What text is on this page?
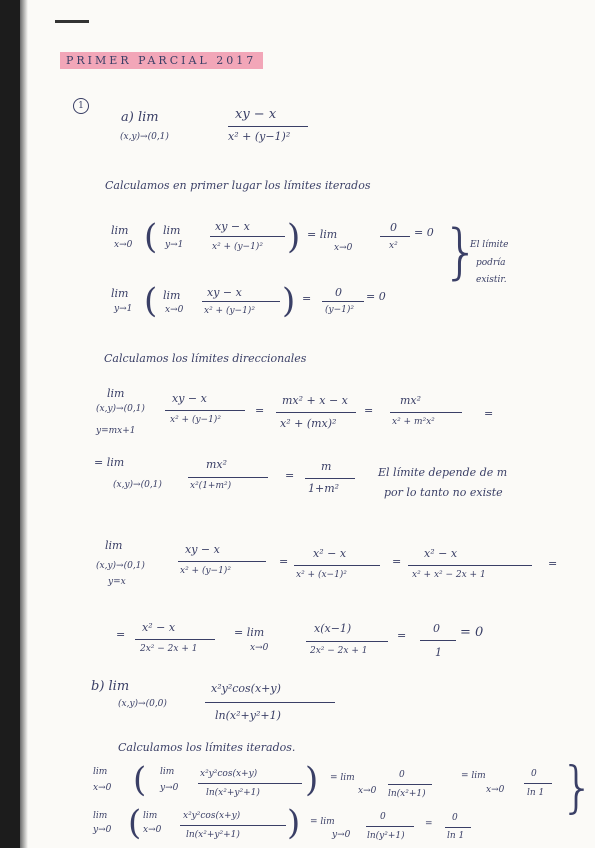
PRIMER PARCIAL 2017
1
a) lim
(x,y)→(0,1)
xy − x
x² + (y−1)²
Calculamos en primer lugar los límites iterados
lim
x→0 ( lim
y→1
xy − x
x² + (y−1)² ) = lim
x→0
0
x²
= 0
lim
y→1 ( lim
x→0
xy − x
x² + (y−1)² ) = 0
(y−1)²
= 0
}
El límite
podría
existir.
Calculamos los límites direccionales
lim
(x,y)→(0,1)
y=mx+1
xy − x
x² + (y−1)²
=
mx² + x − x
x² + (mx)²
=
mx²
x² + m²x²
=
= lim
(x,y)→(0,1)
mx²
x²(1+m²)
=
m
1+m²
El límite depende de m
por lo tanto no existe
lim
(x,y)→(0,1)
y=x
xy − x
x² + (y−1)²
=
x² − x
x² + (x−1)²
=
x² − x
x² + x² − 2x + 1
=
=
x² − x
2x² − 2x + 1
= lim
x→0
x(x−1)
2x² − 2x + 1
=
0
1
= 0
b) lim
(x,y)→(0,0)
x²y²cos(x+y)
ln(x²+y²+1)
Calculamos los límites iterados.
lim
x→0 ( lim
y→0
x²y²cos(x+y)
ln(x²+y²+1) ) = lim
x→0
0
ln(x²+1)
= lim
x→0
0
ln 1
lim
y→0 ( lim
x→0
x²y²cos(x+y)
ln(x²+y²+1) ) = lim
y→0
0
ln(y²+1)
=
0
ln 1
}
